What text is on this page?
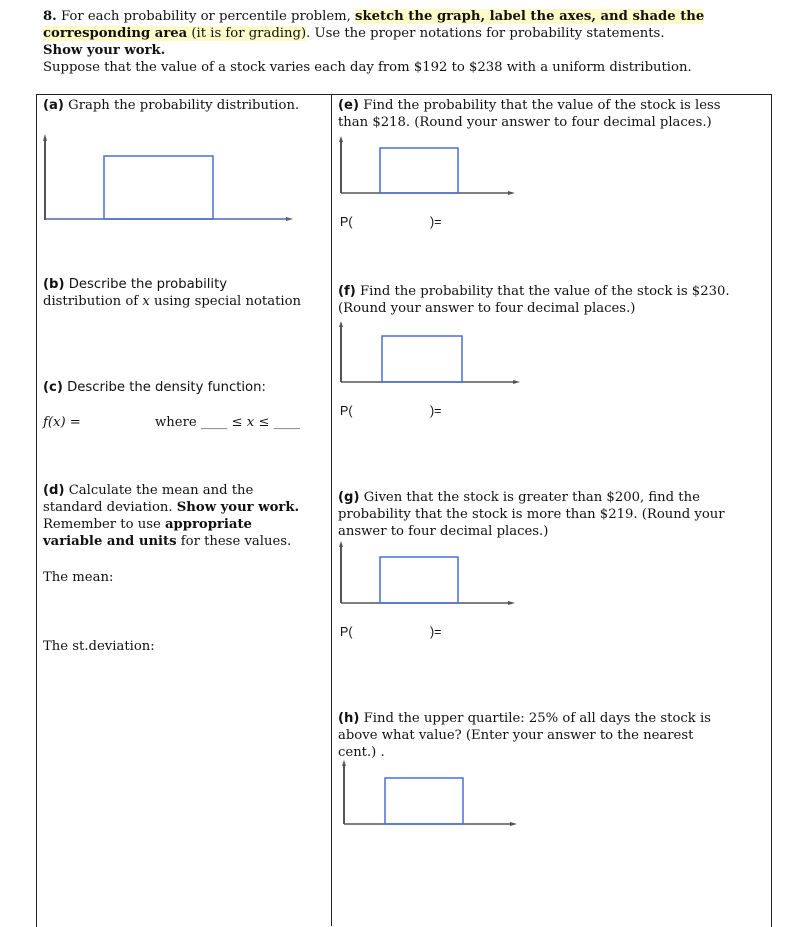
8. For each probability or percentile problem, sketch the graph, label the axes, and shade the
corresponding area (it is for grading). Use the proper notations for probability statements.
Show your work.
Suppose that the value of a stock varies each day from $192 to $238 with a uniform distribution.
(a) Graph the probability distribution.
(b) Describe the probability
distribution of x using special notation
(c) Describe the density function:
f(x) =	where ____ ≤ x ≤ ____
(d) Calculate the mean and the
standard deviation. Show your work.
Remember to use appropriate
variable and units for these values.
The mean:
The st.deviation:
(e) Find the probability that the value of the stock is less
than $218. (Round your answer to four decimal places.)
P(	)=
(f) Find the probability that the value of the stock is $230.
(Round your answer to four decimal places.)
P(	)=
(g) Given that the stock is greater than $200, find the
probability that the stock is more than $219. (Round your
answer to four decimal places.)
P(	)=
(h) Find the upper quartile: 25% of all days the stock is
above what value? (Enter your answer to the nearest
cent.) .
